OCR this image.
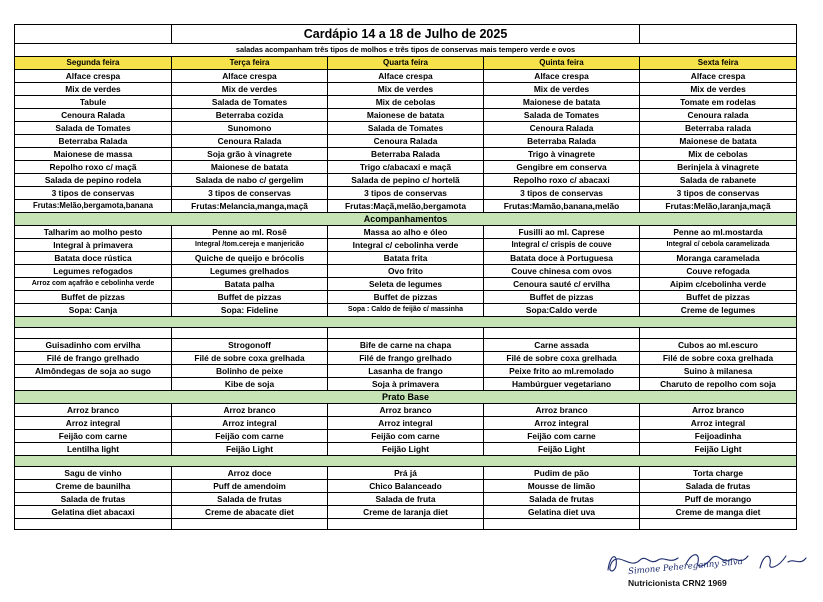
	Cardápio 14 a 18 de Julho de 2025			
saladas acompanham três tipos de molhos e três tipos de conservas mais tempero verde e ovos				
Segunda feira	Terça feira	Quarta feira	Quinta feira	Sexta feira
Alface crespa	Alface crespa	Alface crespa	Alface crespa	Alface crespa
Mix de verdes	Mix de verdes	Mix de verdes	Mix de verdes	Mix de verdes
Tabule	Salada de Tomates	Mix de cebolas	Maionese de batata	Tomate em rodelas
Cenoura Ralada	Beterraba cozida	Maionese de batata	Salada de Tomates	Cenoura ralada
Salada de Tomates	Sunomono	Salada de Tomates	Cenoura Ralada	Beterraba ralada
Beterraba Ralada	Cenoura Ralada	Cenoura Ralada	Beterraba Ralada	Maionese de batata
Maionese de massa	Soja grão à vinagrete	Beterraba Ralada	Trigo à vinagrete	Mix de cebolas
Repolho roxo c/ maçã	Maionese de batata	Trigo c/abacaxi e maçã	Gengibre em conserva	Berinjela à vinagrete
Salada de pepino rodela	Salada de nabo c/ gergelim	Salada de pepino c/ hortelã	Repolho roxo c/ abacaxi	Salada de rabanete
3 tipos de conservas	3 tipos de conservas	3 tipos de conservas	3 tipos de conservas	3 tipos de conservas
Frutas:Melão,bergamota,banana	Frutas:Melancia,manga,maçã	Frutas:Maçã,melão,bergamota	Frutas:Mamão,banana,melão	Frutas:Melão,laranja,maçã
Acompanhamentos				
Talharim ao molho pesto	Penne ao ml. Rosê	Massa ao alho e óleo	Fusilli ao ml. Caprese	Penne ao ml.mostarda
Integral à primavera	Integral /tom.cereja e manjericão	Integral c/ cebolinha verde	Integral c/ crispis de couve	Integral c/ cebola caramelizada
Batata doce rústica	Quiche de queijo e brócolis	Batata frita	Batata doce à Portuguesa	Moranga caramelada
Legumes refogados	Legumes grelhados	Ovo frito	Couve chinesa com ovos	Couve refogada
Arroz com açafrão e cebolinha verde	Batata palha	Seleta de legumes	Cenoura sauté c/ ervilha	Aipim c/cebolinha verde
Buffet de pizzas	Buffet de pizzas	Buffet de pizzas	Buffet de pizzas	Buffet de pizzas
Sopa: Canja	Sopa: Fideline	Sopa : Caldo de feijão c/ massinha	Sopa:Caldo verde	Creme de legumes

Guisadinho com ervilha	Strogonoff	Bife de carne na chapa	Carne assada	Cubos ao ml.escuro
Filé de frango grelhado	Filé de sobre coxa grelhada	Filé de frango grelhado	Filé de sobre coxa grelhada	Filé de sobre coxa grelhada
Almôndegas de soja ao sugo	Bolinho de peixe	Lasanha de frango	Peixe frito ao ml.remolado	Suino à milanesa
	Kibe de soja	Soja à primavera	Hambúrguer vegetariano	Charuto de repolho com soja
Prato Base				
Arroz branco	Arroz branco	Arroz branco	Arroz branco	Arroz branco
Arroz integral	Arroz integral	Arroz integral	Arroz integral	Arroz integral
Feijão com carne	Feijão com carne	Feijão com carne	Feijão com carne	Feijoadinha
Lentilha light	Feijão Light	Feijão Light	Feijão Light	Feijão Light

Sagu de vinho	Arroz doce	Prá já	Pudim de pão	Torta charge
Creme de baunilha	Puff de amendoim	Chico Balanceado	Mousse de limão	Salada de frutas
Salada de frutas	Salada de frutas	Salada de fruta	Salada de frutas	Puff de morango
Gelatina diet abacaxi	Creme de abacate diet	Creme de laranja diet	Gelatina diet uva	Creme de manga diet

Simone Pehereganny Silva
Nutricionista CRN2 1969
